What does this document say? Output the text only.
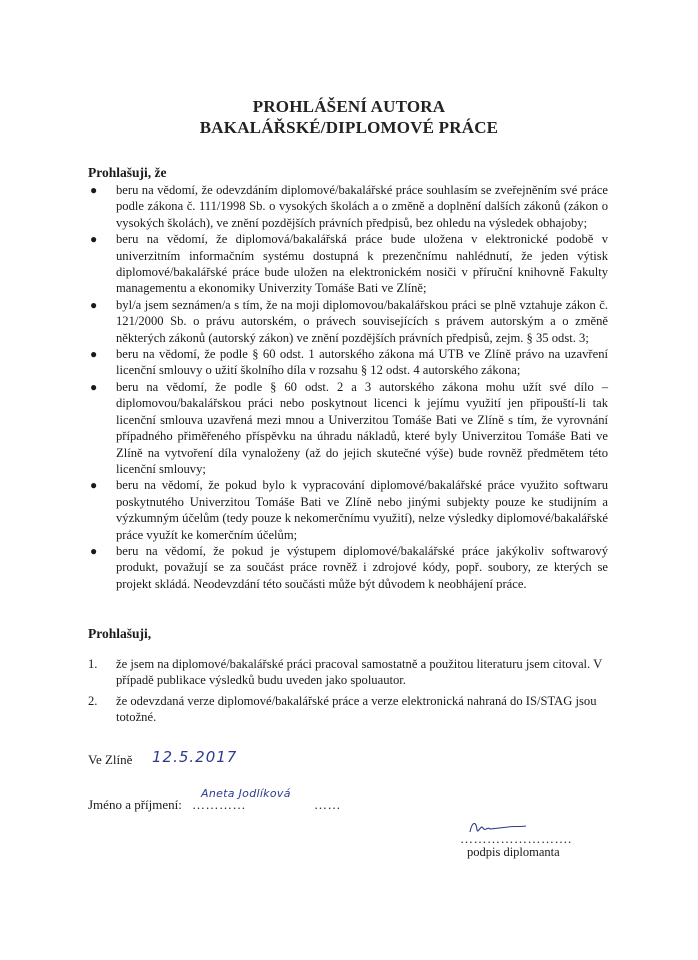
PROHLÁŠENÍ AUTORA
BAKALÁŘSKÉ/DIPLOMOVÉ PRÁCE
Prohlašuji, že
● beru na vědomí, že odevzdáním diplomové/bakalářské práce souhlasím se zveřejněním své práce podle zákona č. 111/1998 Sb. o vysokých školách a o změně a doplnění dalších zákonů (zákon o vysokých školách), ve znění pozdějších právních předpisů, bez ohledu na výsledek obhajoby;
● beru na vědomí, že diplomová/bakalářská práce bude uložena v elektronické podobě v univerzitním informačním systému dostupná k prezenčnímu nahlédnutí, že jeden výtisk diplomové/bakalářské práce bude uložen na elektronickém nosiči v příruční knihovně Fakulty managementu a ekonomiky Univerzity Tomáše Bati ve Zlíně;
● byl/a jsem seznámen/a s tím, že na moji diplomovou/bakalářskou práci se plně vztahuje zákon č. 121/2000 Sb. o právu autorském, o právech souvisejících s právem autorským a o změně některých zákonů (autorský zákon) ve znění pozdějších právních předpisů, zejm. § 35 odst. 3;
● beru na vědomí, že podle § 60 odst. 1 autorského zákona má UTB ve Zlíně právo na uzavření licenční smlouvy o užití školního díla v rozsahu § 12 odst. 4 autorského zákona;
● beru na vědomí, že podle § 60 odst. 2 a 3 autorského zákona mohu užít své dílo – diplomovou/bakalářskou práci nebo poskytnout licenci k jejímu využití jen připouští-li tak licenční smlouva uzavřená mezi mnou a Univerzitou Tomáše Bati ve Zlíně s tím, že vyrovnání případného přiměřeného příspěvku na úhradu nákladů, které byly Univerzitou Tomáše Bati ve Zlíně na vytvoření díla vynaloženy (až do jejich skutečné výše) bude rovněž předmětem této licenční smlouvy;
● beru na vědomí, že pokud bylo k vypracování diplomové/bakalářské práce využito softwaru poskytnutého Univerzitou Tomáše Bati ve Zlíně nebo jinými subjekty pouze ke studijním a výzkumným účelům (tedy pouze k nekomerčnímu využití), nelze výsledky diplomové/bakalářské práce využít ke komerčním účelům;
● beru na vědomí, že pokud je výstupem diplomové/bakalářské práce jakýkoliv softwarový produkt, považují se za součást práce rovněž i zdrojové kódy, popř. soubory, ze kterých se projekt skládá. Neodevzdání této součásti může být důvodem k neobhájení práce.
Prohlašuji,
1. že jsem na diplomové/bakalářské práci pracoval samostatně a použitou literaturu jsem citoval. V případě publikace výsledků budu uveden jako spoluautor.
2. že odevzdaná verze diplomové/bakalářské práce a verze elektronická nahraná do IS/STAG jsou totožné.
Ve Zlíně 12.5.2017
Jméno a příjmení: …………	……
Aneta Jodlíková
…………………….
podpis diplomanta
